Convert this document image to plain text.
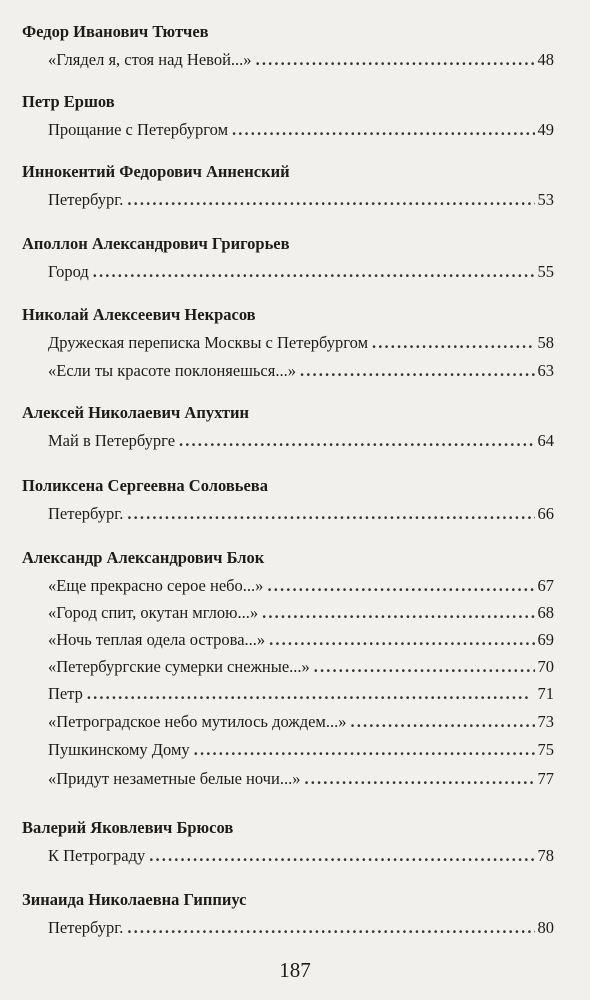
Федор Иванович Тютчев
«Глядел я, стоя над Невой...» . . .	48
Петр Ершов
Прощание с Петербургом . . .	49
Иннокентий Федорович Анненский
Петербург. . . .	53
Аполлон Александрович Григорьев
Город . . .	55
Николай Алексеевич Некрасов
Дружеская переписка Москвы с Петербургом . . .	58
«Если ты красоте поклоняешься...» . . .	63
Алексей Николаевич Апухтин
Май в Петербурге . . .	64
Поликсена Сергеевна Соловьева
Петербург. . . .	66
Александр Александрович Блок
«Еще прекрасно серое небо...» . . .	67
«Город спит, окутан мглою...» . . .	68
«Ночь теплая одела острова...» . . .	69
«Петербургские сумерки снежные...» . . .	70
Петр . . .	71
«Петроградское небо мутилось дождем...» . . .	73
Пушкинскому Дому . . .	75
«Придут незаметные белые ночи...» . . .	77
Валерий Яковлевич Брюсов
К Петрограду . . .	78
Зинаида Николаевна Гиппиус
Петербург. . . .	80
187
